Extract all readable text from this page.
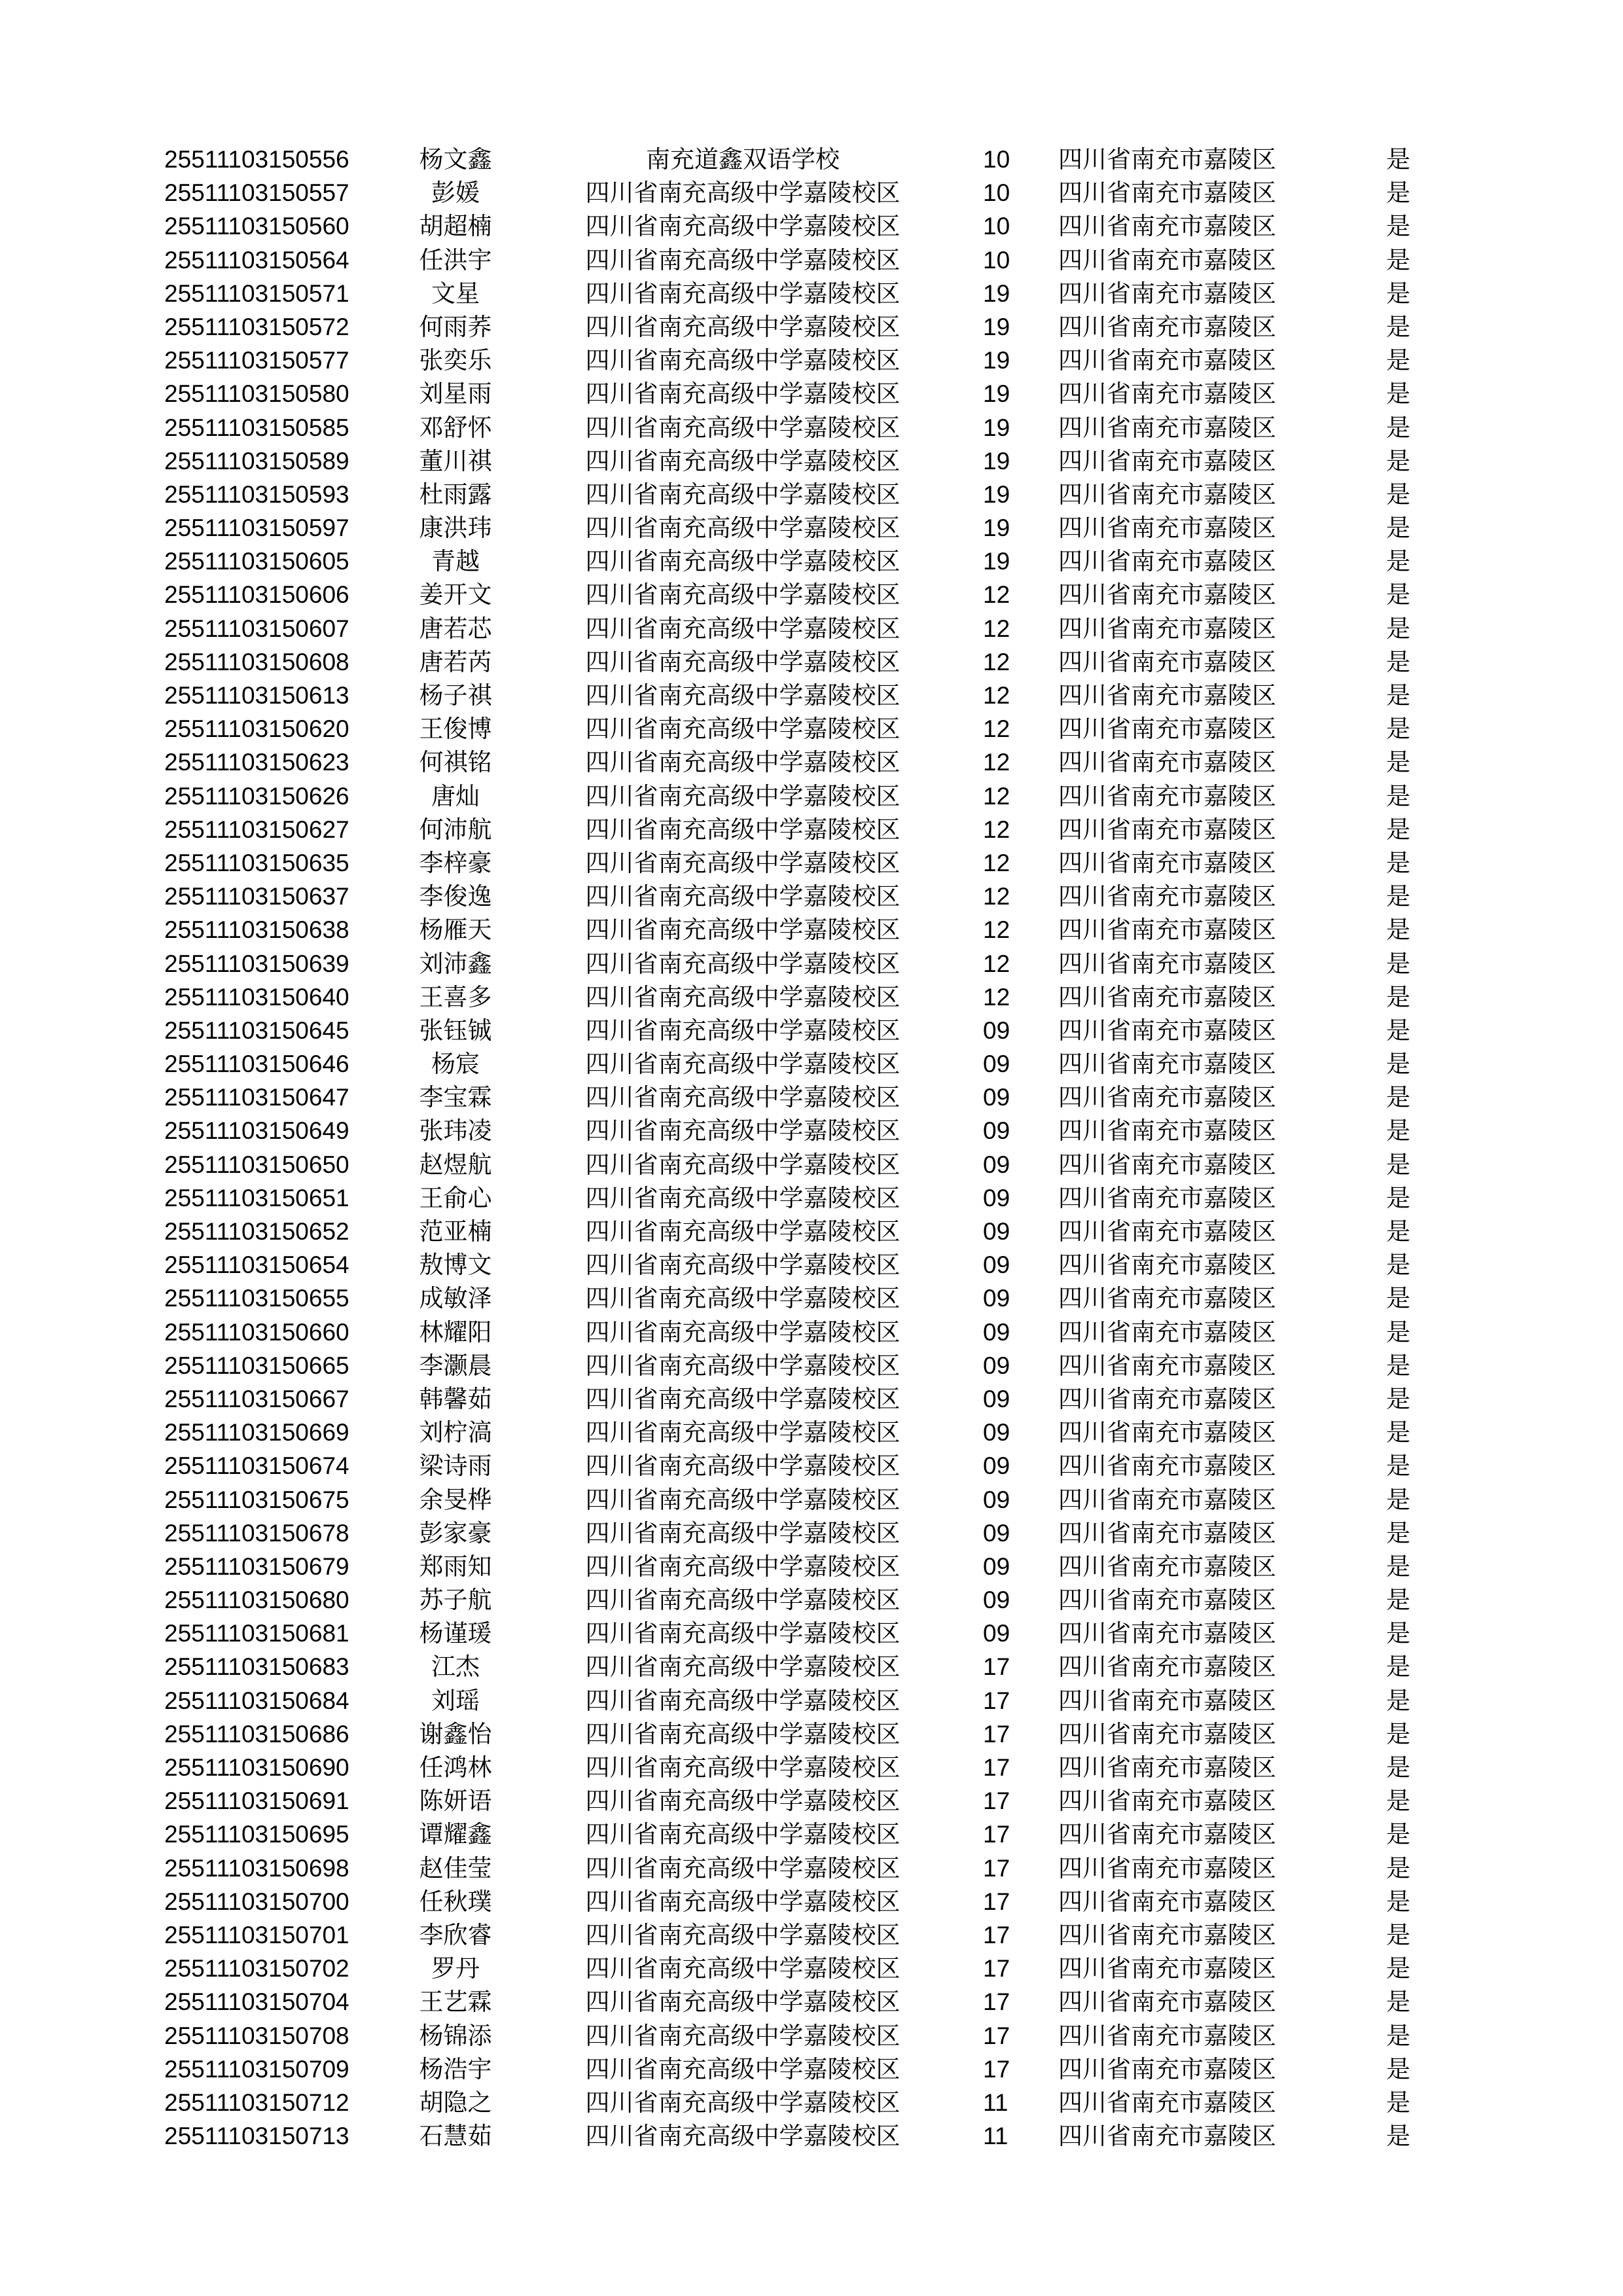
25511103150556	杨文鑫	南充道鑫双语学校	10 四川省南充市嘉陵区	是
25511103150557	彭媛	四川省南充高级中学嘉陵校区	10 四川省南充市嘉陵区	是
25511103150560	胡超楠	四川省南充高级中学嘉陵校区	10 四川省南充市嘉陵区	是
25511103150564	任洪宇	四川省南充高级中学嘉陵校区	10 四川省南充市嘉陵区	是
25511103150571	文星	四川省南充高级中学嘉陵校区	19 四川省南充市嘉陵区	是
25511103150572	何雨荞	四川省南充高级中学嘉陵校区	19 四川省南充市嘉陵区	是
25511103150577	张奕乐	四川省南充高级中学嘉陵校区	19 四川省南充市嘉陵区	是
25511103150580	刘星雨	四川省南充高级中学嘉陵校区	19 四川省南充市嘉陵区	是
25511103150585	邓舒怀	四川省南充高级中学嘉陵校区	19 四川省南充市嘉陵区	是
25511103150589	董川祺	四川省南充高级中学嘉陵校区	19 四川省南充市嘉陵区	是
25511103150593	杜雨露	四川省南充高级中学嘉陵校区	19 四川省南充市嘉陵区	是
25511103150597	康洪玮	四川省南充高级中学嘉陵校区	19 四川省南充市嘉陵区	是
25511103150605	青越	四川省南充高级中学嘉陵校区	19 四川省南充市嘉陵区	是
25511103150606	姜开文	四川省南充高级中学嘉陵校区	12 四川省南充市嘉陵区	是
25511103150607	唐若芯	四川省南充高级中学嘉陵校区	12 四川省南充市嘉陵区	是
25511103150608	唐若芮	四川省南充高级中学嘉陵校区	12 四川省南充市嘉陵区	是
25511103150613	杨子祺	四川省南充高级中学嘉陵校区	12 四川省南充市嘉陵区	是
25511103150620	王俊博	四川省南充高级中学嘉陵校区	12 四川省南充市嘉陵区	是
25511103150623	何祺铭	四川省南充高级中学嘉陵校区	12 四川省南充市嘉陵区	是
25511103150626	唐灿	四川省南充高级中学嘉陵校区	12 四川省南充市嘉陵区	是
25511103150627	何沛航	四川省南充高级中学嘉陵校区	12 四川省南充市嘉陵区	是
25511103150635	李梓豪	四川省南充高级中学嘉陵校区	12 四川省南充市嘉陵区	是
25511103150637	李俊逸	四川省南充高级中学嘉陵校区	12 四川省南充市嘉陵区	是
25511103150638	杨雁天	四川省南充高级中学嘉陵校区	12 四川省南充市嘉陵区	是
25511103150639	刘沛鑫	四川省南充高级中学嘉陵校区	12 四川省南充市嘉陵区	是
25511103150640	王喜多	四川省南充高级中学嘉陵校区	12 四川省南充市嘉陵区	是
25511103150645	张钰铖	四川省南充高级中学嘉陵校区	09 四川省南充市嘉陵区	是
25511103150646	杨宸	四川省南充高级中学嘉陵校区	09 四川省南充市嘉陵区	是
25511103150647	李宝霖	四川省南充高级中学嘉陵校区	09 四川省南充市嘉陵区	是
25511103150649	张玮凌	四川省南充高级中学嘉陵校区	09 四川省南充市嘉陵区	是
25511103150650	赵煜航	四川省南充高级中学嘉陵校区	09 四川省南充市嘉陵区	是
25511103150651	王俞心	四川省南充高级中学嘉陵校区	09 四川省南充市嘉陵区	是
25511103150652	范亚楠	四川省南充高级中学嘉陵校区	09 四川省南充市嘉陵区	是
25511103150654	敖博文	四川省南充高级中学嘉陵校区	09 四川省南充市嘉陵区	是
25511103150655	成敏泽	四川省南充高级中学嘉陵校区	09 四川省南充市嘉陵区	是
25511103150660	林耀阳	四川省南充高级中学嘉陵校区	09 四川省南充市嘉陵区	是
25511103150665	李灏晨	四川省南充高级中学嘉陵校区	09 四川省南充市嘉陵区	是
25511103150667	韩馨茹	四川省南充高级中学嘉陵校区	09 四川省南充市嘉陵区	是
25511103150669	刘柠滈	四川省南充高级中学嘉陵校区	09 四川省南充市嘉陵区	是
25511103150674	梁诗雨	四川省南充高级中学嘉陵校区	09 四川省南充市嘉陵区	是
25511103150675	余旻桦	四川省南充高级中学嘉陵校区	09 四川省南充市嘉陵区	是
25511103150678	彭家豪	四川省南充高级中学嘉陵校区	09 四川省南充市嘉陵区	是
25511103150679	郑雨知	四川省南充高级中学嘉陵校区	09 四川省南充市嘉陵区	是
25511103150680	苏子航	四川省南充高级中学嘉陵校区	09 四川省南充市嘉陵区	是
25511103150681	杨谨瑗	四川省南充高级中学嘉陵校区	09 四川省南充市嘉陵区	是
25511103150683	江杰	四川省南充高级中学嘉陵校区	17 四川省南充市嘉陵区	是
25511103150684	刘瑶	四川省南充高级中学嘉陵校区	17 四川省南充市嘉陵区	是
25511103150686	谢鑫怡	四川省南充高级中学嘉陵校区	17 四川省南充市嘉陵区	是
25511103150690	任鸿林	四川省南充高级中学嘉陵校区	17 四川省南充市嘉陵区	是
25511103150691	陈妍语	四川省南充高级中学嘉陵校区	17 四川省南充市嘉陵区	是
25511103150695	谭耀鑫	四川省南充高级中学嘉陵校区	17 四川省南充市嘉陵区	是
25511103150698	赵佳莹	四川省南充高级中学嘉陵校区	17 四川省南充市嘉陵区	是
25511103150700	任秋璞	四川省南充高级中学嘉陵校区	17 四川省南充市嘉陵区	是
25511103150701	李欣睿	四川省南充高级中学嘉陵校区	17 四川省南充市嘉陵区	是
25511103150702	罗丹	四川省南充高级中学嘉陵校区	17 四川省南充市嘉陵区	是
25511103150704	王艺霖	四川省南充高级中学嘉陵校区	17 四川省南充市嘉陵区	是
25511103150708	杨锦添	四川省南充高级中学嘉陵校区	17 四川省南充市嘉陵区	是
25511103150709	杨浩宇	四川省南充高级中学嘉陵校区	17 四川省南充市嘉陵区	是
25511103150712	胡隐之	四川省南充高级中学嘉陵校区	11 四川省南充市嘉陵区	是
25511103150713	石慧茹	四川省南充高级中学嘉陵校区	11 四川省南充市嘉陵区	是
